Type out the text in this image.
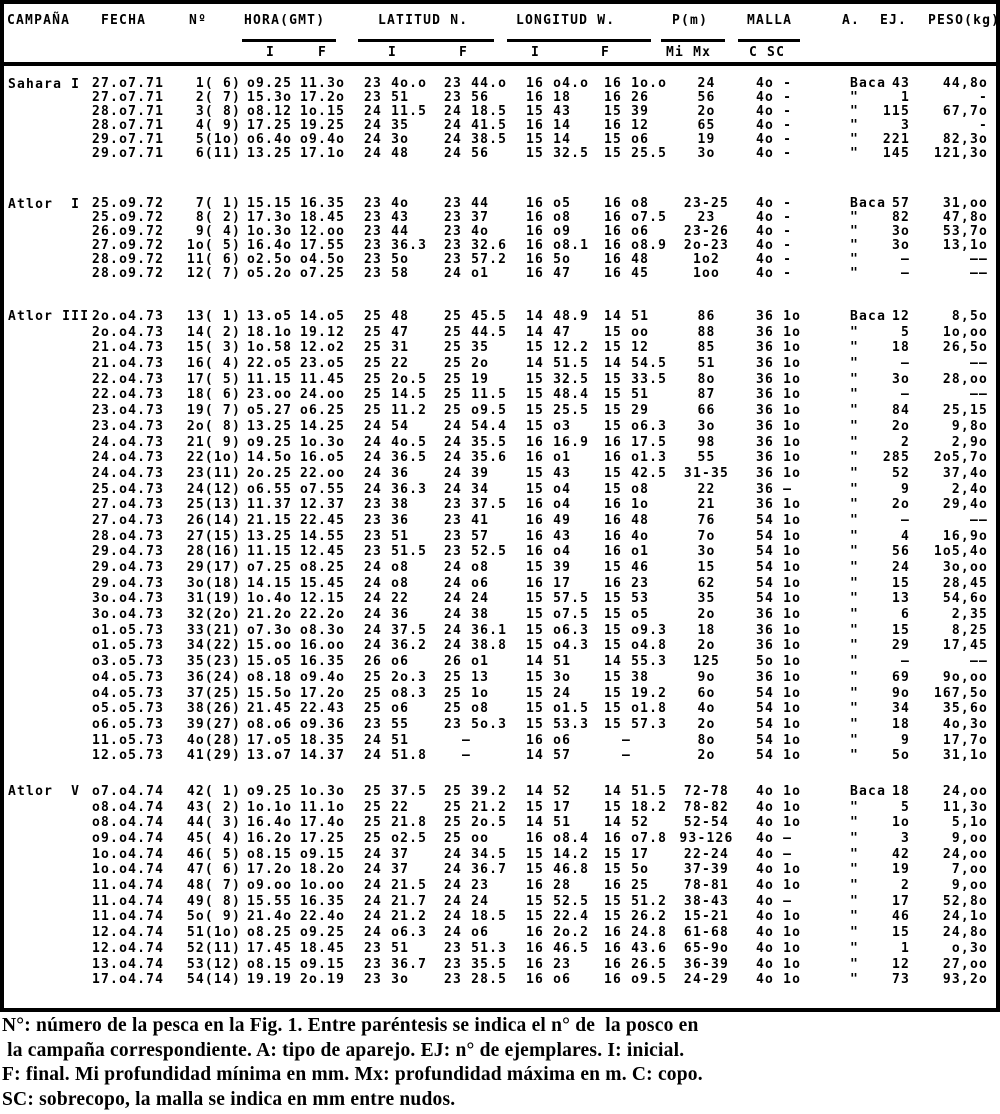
CAMPAÑA FECHA	Nº	HORA(GMT)	LATITUD N.	LONGITUD W.	P(m)	MALLA	A. EJ. PESO(kg)
I	F	I	F	I	F	Mi Mx	C SC
Sahara I 27.o7.71	1( 6) o9.25 11.3o	23 4o.o	23 44.o	16 o4.o	16 1o.o	24	4o -	Baca 43	44,8o
27.o7.71	2( 7) 15.3o 17.2o	23 51	23 56	16 18	16 26	56	4o -	"	1	-
28.o7.71	3( 8) o8.12 1o.15	24 11.5	24 18.5	15 43	15 39	2o	4o -	"	115	67,7o
28.o7.71	4( 9) 17.25 19.25	24 35	24 41.5	16 14	16 12	65	4o -	"	3	-
29.o7.71	5(1o) o6.4o o9.4o	24 3o	24 38.5	15 14	15 o6	19	4o -	"	221	82,3o
29.o7.71	6(11) 13.25 17.1o	24 48	24 56	15 32.5	15 25.5	3o	4o -	"	145	121,3o
Atlor  I 25.o9.72	7( 1) 15.15 16.35	23 4o	23 44	16 o5	16 o8	23-25	4o -	Baca 57	31,oo
25.o9.72	8( 2) 17.3o 18.45	23 43	23 37	16 o8	16 o7.5	23	4o -	"	82	47,8o
26.o9.72	9( 4) 1o.3o 12.oo	23 44	23 4o	16 o9	16 o6	23-26	4o -	"	3o	53,7o
27.o9.72	1o( 5) 16.4o 17.55	23 36.3	23 32.6	16 o8.1	16 o8.9	2o-23	4o -	"	3o	13,1o
28.o9.72	11( 6) o2.5o o4.5o	23 5o	23 57.2	16 5o	16 48	1o2	4o -	"	—	——
28.o9.72	12( 7) o5.2o o7.25	23 58	24 o1	16 47	16 45	1oo	4o -	"	—	——
Atlor III 2o.o4.73	13( 1) 13.o5 14.o5	25 48	25 45.5	14 48.9	14 51	86	36 1o	Baca 12	8,5o
2o.o4.73	14( 2) 18.1o 19.12	25 47	25 44.5	14 47	15 oo	88	36 1o	"	5	1o,oo
21.o4.73	15( 3) 1o.58 12.o2	25 31	25 35	15 12.2	15 12	85	36 1o	"	18	26,5o
21.o4.73	16( 4) 22.o5 23.o5	25 22	25 2o	14 51.5	14 54.5	51	36 1o	"	—	——
22.o4.73	17( 5) 11.15 11.45	25 2o.5	25 19	15 32.5	15 33.5	8o	36 1o	"	3o	28,oo
22.o4.73	18( 6) 23.oo 24.oo	25 14.5	25 11.5	15 48.4	15 51	87	36 1o	"	—	——
23.o4.73	19( 7) o5.27 o6.25	25 11.2	25 o9.5	15 25.5	15 29	66	36 1o	"	84	25,15
23.o4.73	2o( 8) 13.25 14.25	24 54	24 54.4	15 o3	15 o6.3	3o	36 1o	"	2o	9,8o
24.o4.73	21( 9) o9.25 1o.3o	24 4o.5	24 35.5	16 16.9	16 17.5	98	36 1o	"	2	2,9o
24.o4.73	22(1o) 14.5o 16.o5	24 36.5	24 35.6	16 o1	16 o1.3	55	36 1o	"	285	2o5,7o
24.o4.73	23(11) 2o.25 22.oo	24 36	24 39	15 43	15 42.5	31-35	36 1o	"	52	37,4o
25.o4.73	24(12) o6.55 o7.55	24 36.3	24 34	15 o4	15 o8	22	36 —	"	9	2,4o
27.o4.73	25(13) 11.37 12.37	23 38	23 37.5	16 o4	16 1o	21	36 1o	"	2o	29,4o
27.o4.73	26(14) 21.15 22.45	23 36	23 41	16 49	16 48	76	54 1o	"	—	——
28.o4.73	27(15) 13.25 14.55	23 51	23 57	16 43	16 4o	7o	54 1o	"	4	16,9o
29.o4.73	28(16) 11.15 12.45	23 51.5	23 52.5	16 o4	16 o1	3o	54 1o	"	56	1o5,4o
29.o4.73	29(17) o7.25 o8.25	24 o8	24 o8	15 39	15 46	15	54 1o	"	24	3o,oo
29.o4.73	3o(18) 14.15 15.45	24 o8	24 o6	16 17	16 23	62	54 1o	"	15	28,45
3o.o4.73	31(19) 1o.4o 12.15	24 22	24 24	15 57.5	15 53	35	54 1o	"	13	54,6o
3o.o4.73	32(2o) 21.2o 22.2o	24 36	24 38	15 o7.5	15 o5	2o	36 1o	"	6	2,35
o1.o5.73	33(21) o7.3o o8.3o	24 37.5	24 36.1	15 o6.3	15 o9.3	18	36 1o	"	15	8,25
o1.o5.73	34(22) 15.oo 16.oo	24 36.2	24 38.8	15 o4.3	15 o4.8	2o	36 1o	"	29	17,45
o3.o5.73	35(23) 15.o5 16.35	26 o6	26 o1	14 51	14 55.3	125	5o 1o	"	—	——
o4.o5.73	36(24) o8.18 o9.4o	25 2o.3	25 13	15 3o	15 38	9o	36 1o	"	69	9o,oo
o4.o5.73	37(25) 15.5o 17.2o	25 o8.3	25 1o	15 24	15 19.2	6o	54 1o	"	9o	167,5o
o5.o5.73	38(26) 21.45 22.43	25 o6	25 o8	15 o1.5	15 o1.8	4o	54 1o	"	34	35,6o
o6.o5.73	39(27) o8.o6 o9.36	23 55	23 5o.3	15 53.3	15 57.3	2o	54 1o	"	18	4o,3o
11.o5.73	4o(28) 17.o5 18.35	24 51	—	16 o6	—	8o	54 1o	"	9	17,7o
12.o5.73	41(29) 13.o7 14.37	24 51.8	—	14 57	—	2o	54 1o	"	5o	31,1o
Atlor  V o7.o4.74	42( 1) o9.25 1o.3o	25 37.5	25 39.2	14 52	14 51.5	72-78	4o 1o	Baca 18	24,oo
o8.o4.74	43( 2) 1o.1o 11.1o	25 22	25 21.2	15 17	15 18.2	78-82	4o 1o	"	5	11,3o
o8.o4.74	44( 3) 16.4o 17.4o	25 21.8	25 2o.5	14 51	14 52	52-54	4o 1o	"	1o	5,1o
o9.o4.74	45( 4) 16.2o 17.25	25 o2.5	25 oo	16 o8.4	16 o7.8 93-126	4o —	"	3	9,oo
1o.o4.74	46( 5) o8.15 o9.15	24 37	24 34.5	15 14.2	15 17	22-24	4o —	"	42	24,oo
1o.o4.74	47( 6) 17.2o 18.2o	24 37	24 36.7	15 46.8	15 5o	37-39	4o 1o	"	19	7,oo
11.o4.74	48( 7) o9.oo 1o.oo	24 21.5	24 23	16 28	16 25	78-81	4o 1o	"	2	9,oo
11.o4.74	49( 8) 15.55 16.35	24 21.7	24 24	15 52.5	15 51.2	38-43	4o —	"	17	52,8o
11.o4.74	5o( 9) 21.4o 22.4o	24 21.2	24 18.5	15 22.4	15 26.2	15-21	4o 1o	"	46	24,1o
12.o4.74	51(1o) o8.25 o9.25	24 o6.3	24 o6	16 2o.2	16 24.8	61-68	4o 1o	"	15	24,8o
12.o4.74	52(11) 17.45 18.45	23 51	23 51.3	16 46.5	16 43.6	65-9o	4o 1o	"	1	o,3o
13.o4.74	53(12) o8.15 o9.15	23 36.7	23 35.5	16 23	16 26.5	36-39	4o 1o	"	12	27,oo
17.o4.74	54(14) 19.19 2o.19	23 3o	23 28.5	16 o6	16 o9.5	24-29	4o 1o	"	73	93,2o
N°: número de la pesca en la Fig. 1. Entre paréntesis se indica el n° de  la posco en
la campaña correspondiente. A: tipo de aparejo. EJ: n° de ejemplares. I: inicial.
F: final. Mi profundidad mínima en mm. Mx: profundidad máxima en m. C: copo.
SC: sobrecopo, la malla se indica en mm entre nudos.
